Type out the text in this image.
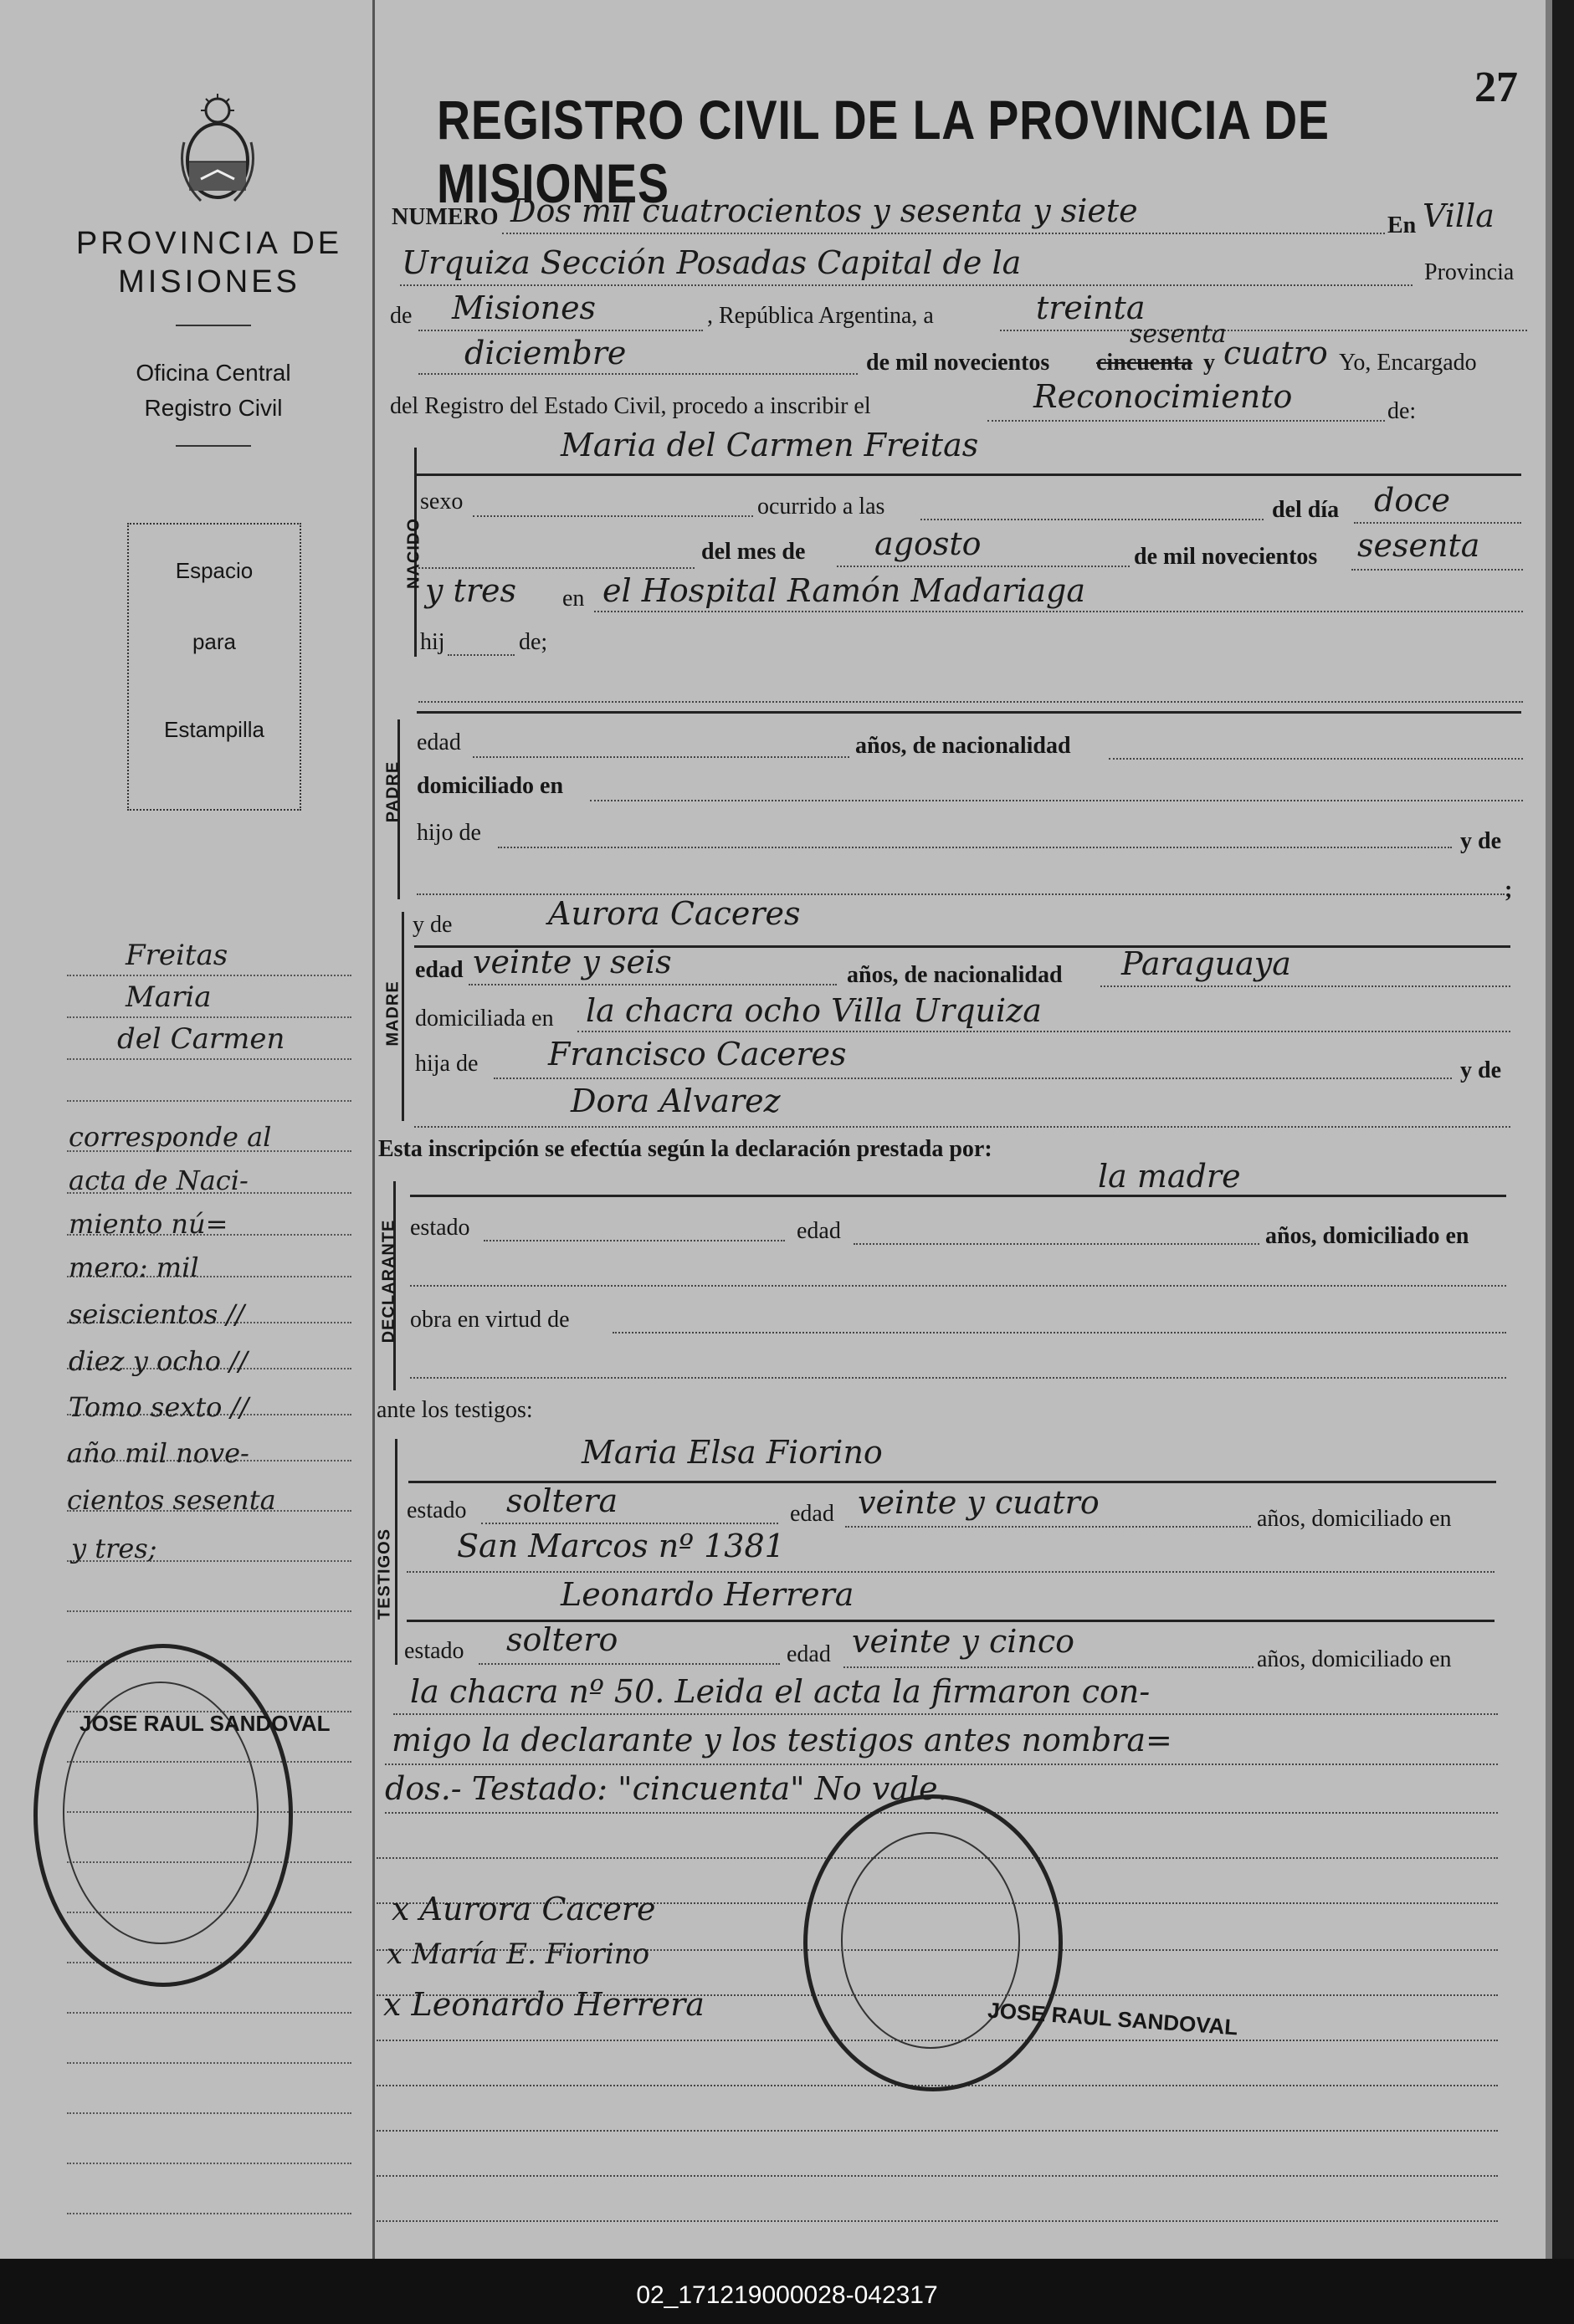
PROVINCIA DE
MISIONES
Oficina Central
Registro Civil
Espacio
para
Estampilla
Freitas
Maria
del Carmen
corresponde al
acta de Naci-
miento nú=
mero: mil
seiscientos //
diez y ocho //
Tomo sexto //
año mil nove-
cientos sesenta
y tres;
JOSE RAUL SANDOVAL
REGISTRO CIVIL DE LA PROVINCIA DE MISIONES
27
NUMERO Dos mil cuatrocientos y sesenta y siete	En Villa
Urquiza Sección Posadas Capital de la	Provincia
de Misiones	, República Argentina, a	treinta
diciembre	de mil novecientos cincuenta
sesenta
y cuatro Yo, Encargado
del Registro del Estado Civil, procedo a inscribir el	Reconocimiento	de:
NACIDO
Maria del Carmen Freitas
sexo	ocurrido a las	del día doce
del mes de agosto	de mil novecientos sesenta
y tres en el Hospital Ramón Madariaga
hij	de;
PADRE
edad	años, de nacionalidad
domiciliado en
hijo de	y de
;
MADRE
y de	Aurora Caceres
edad veinte y seis	años, de nacionalidad Paraguaya
domiciliada en la chacra ocho Villa Urquiza
hija de Francisco Caceres	y de
Dora Alvarez
Esta inscripción se efectúa según la declaración prestada por:
DECLARANTE
la madre
estado	edad	años, domiciliado en
obra en virtud de
ante los testigos:
TESTIGOS
Maria Elsa Fiorino
estado soltera	edad veinte y cuatro	años, domiciliado en
San Marcos nº 1381
Leonardo Herrera
estado soltero	edad veinte y cinco	años, domiciliado en
la chacra nº 50. Leida el acta la firmaron con-
migo la declarante y los testigos antes nombra=
dos.- Testado: "cincuenta" No vale.
x Aurora Cacere
x María E. Fiorino
x Leonardo Herrera	JOSE RAUL SANDOVAL
02_171219000028-042317
